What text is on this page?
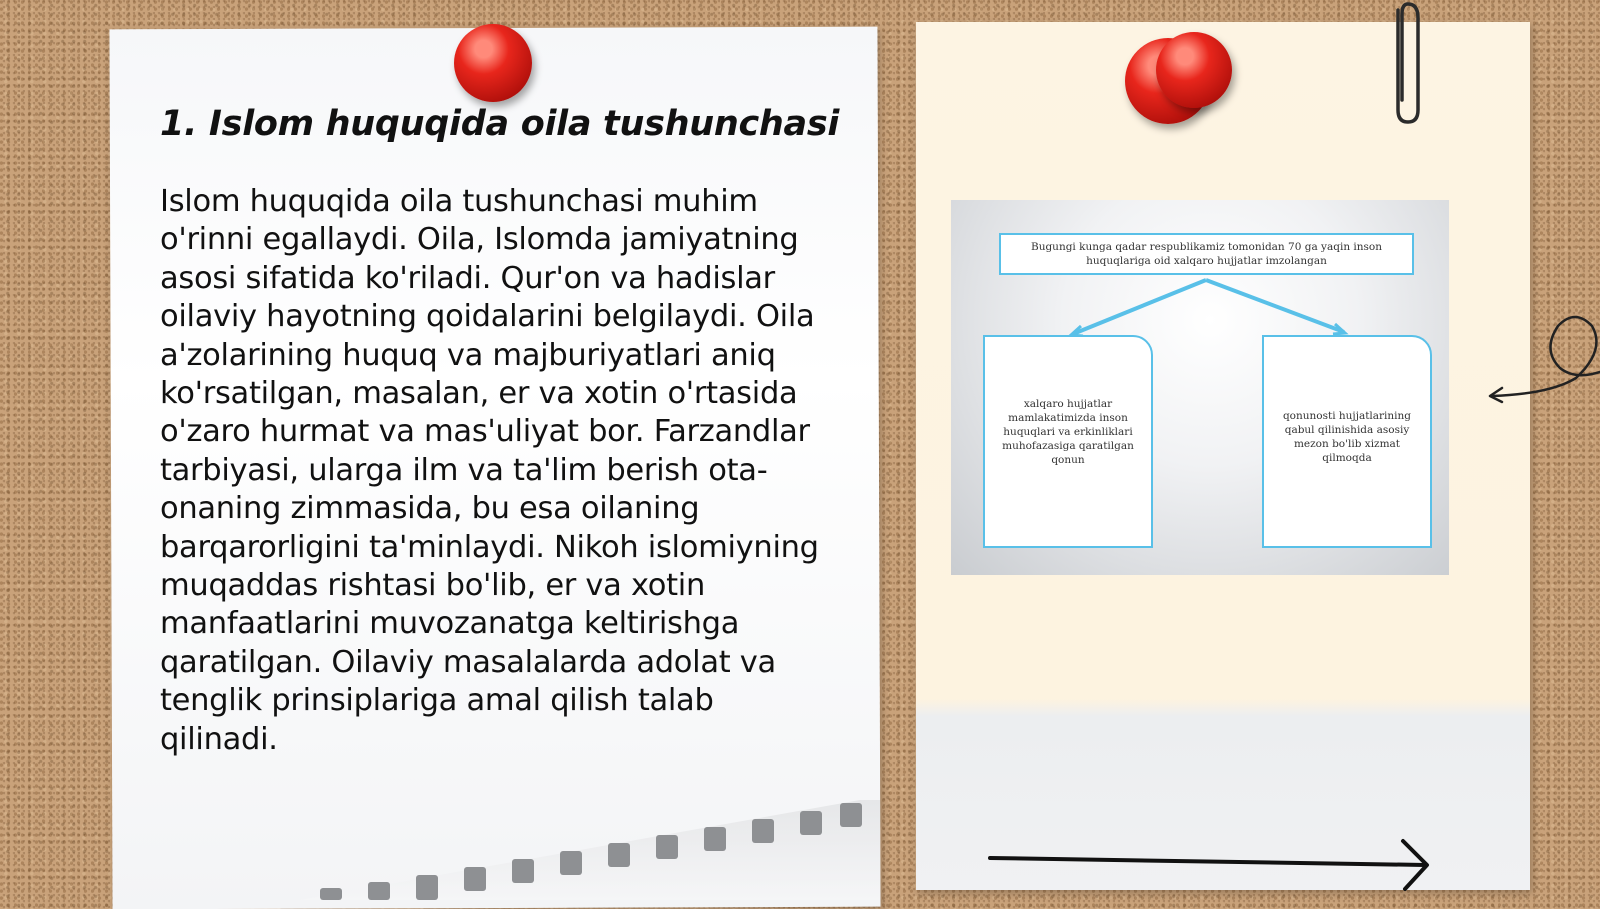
1. Islom huquqida oila tushunchasi
Islom huquqida oila tushunchasi muhim o'rinni egallaydi. Oila, Islomda jamiyatning asosi sifatida ko'riladi. Qur'on va hadislar oilaviy hayotning qoidalarini belgilaydi. Oila a'zolarining huquq va majburiyatlari aniq ko'rsatilgan, masalan, er va xotin o'rtasida o'zaro hurmat va mas'uliyat bor. Farzandlar tarbiyasi, ularga ilm va ta'lim berish ota-onaning zimmasida, bu esa oilaning barqarorligini ta'minlaydi. Nikoh islomiyning muqaddas rishtasi bo'lib, er va xotin manfaatlarini muvozanatga keltirishga qaratilgan. Oilaviy masalalarda adolat va tenglik prinsiplariga amal qilish talab qilinadi.
Bugungi kunga qadar respublikamiz tomonidan 70 ga yaqin inson huquqlariga oid xalqaro hujjatlar imzolangan
xalqaro hujjatlar mamlakatimizda inson huquqlari va erkinliklari muhofazasiga qaratilgan qonun
qonunosti hujjatlarining qabul qilinishida asosiy mezon bo'lib xizmat qilmoqda
